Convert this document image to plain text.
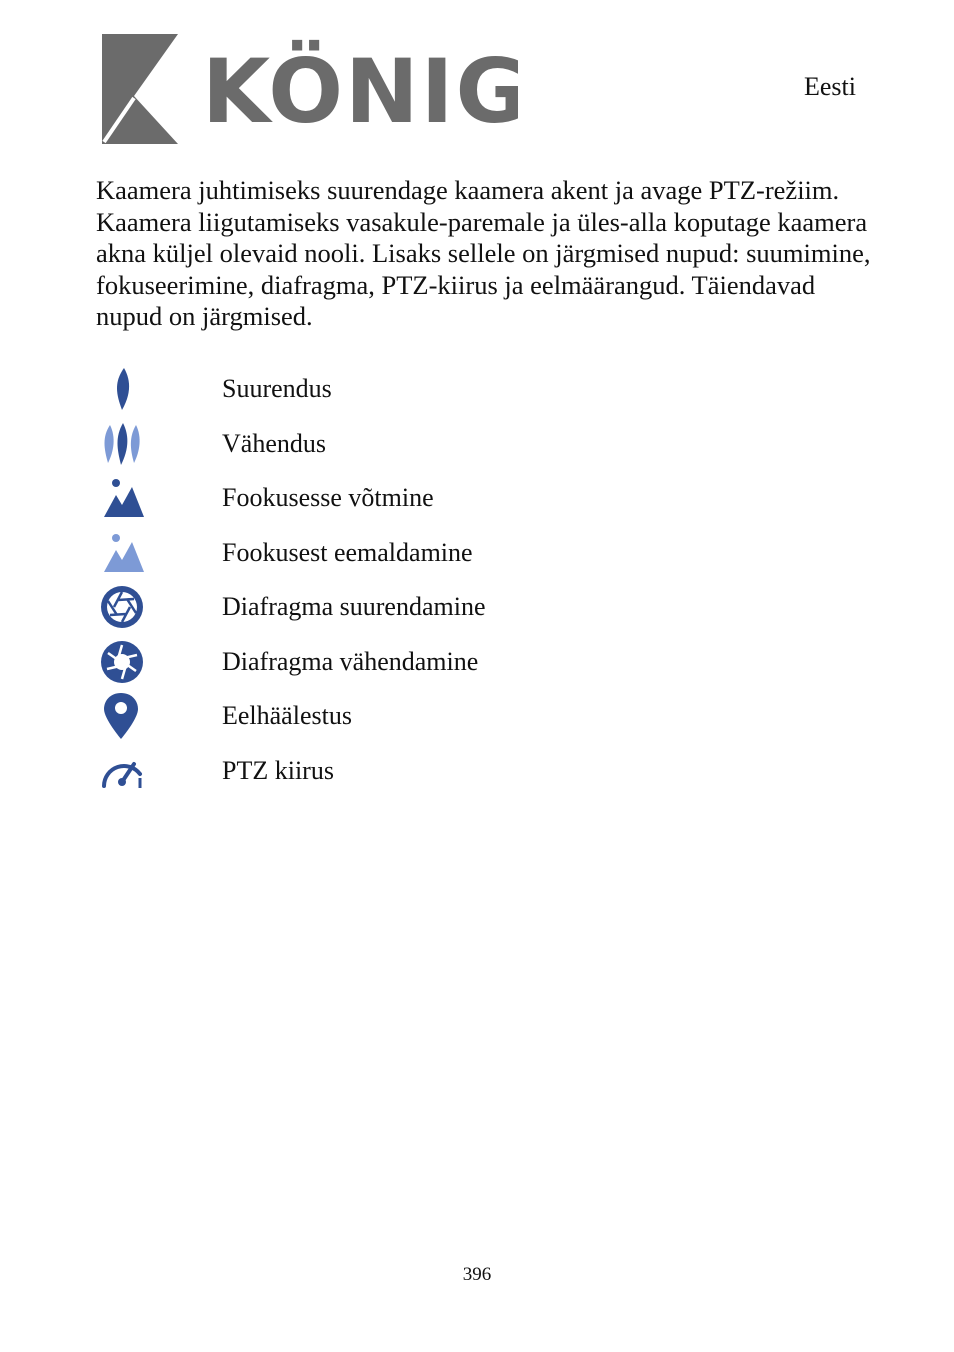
KÖNIG	Eesti

Kaamera juhtimiseks suurendage kaamera akent ja avage PTZ-režiim. Kaamera liigutamiseks vasakule-paremale ja üles-alla koputage kaamera akna küljel olevaid nooli. Lisaks sellele on järgmised nupud: suumimine, fokuseerimine, diafragma, PTZ-kiirus ja eelmäärangud. Täiendavad nupud on järgmised.

Suurendus
Vähendus
Fookusesse võtmine
Fookusest eemaldamine
Diafragma suurendamine
Diafragma vähendamine
Eelhäälestus
PTZ kiirus
396
